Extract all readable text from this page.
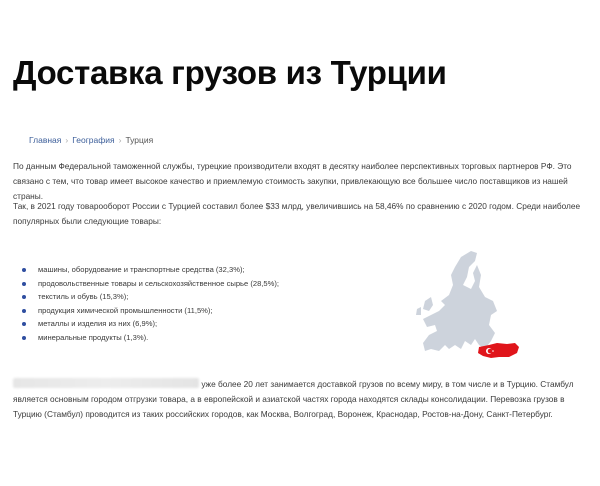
Доставка грузов из Турции
Главная › География › Турция

По данным Федеральной таможенной службы, турецкие производители входят в десятку наиболее перспективных торговых партнеров РФ. Это связано с тем, что товар имеет высокое качество и приемлемую стоимость закупки, привлекающую все большее число поставщиков из нашей страны.

Так, в 2021 году товарооборот России с Турцией составил более $33 млрд, увеличившись на 58,46% по сравнению с 2020 годом. Среди наиболее популярных были следующие товары:

машины, оборудование и транспортные средства (32,3%);
продовольственные товары и сельскохозяйственное сырье (28,5%);
текстиль и обувь (15,3%);
продукция химической промышленности (11,5%);
металлы и изделия из них (6,9%);
минеральные продукты (1,3%).

уже более 20 лет занимается доставкой грузов по всему миру, в том числе и в Турцию. Стамбул является основным городом отгрузки товара, а в европейской и азиатской частях города находятся склады консолидации. Перевозка грузов в Турцию (Стамбул) проводится из таких российских городов, как Москва, Волгоград, Воронеж, Краснодар, Ростов-на-Дону, Санкт-Петербург.
